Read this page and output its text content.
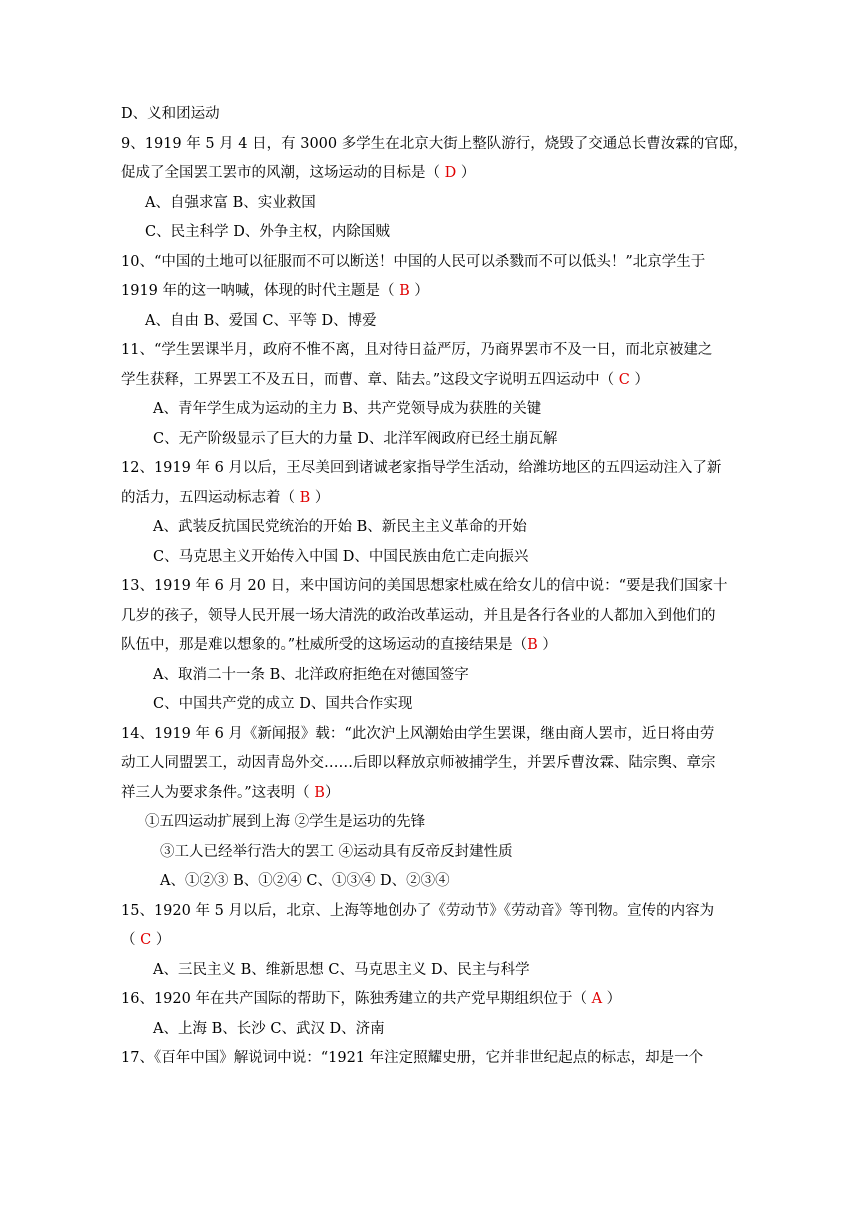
D、义和团运动
9、1919 年 5 月 4 日，有 3000 多学生在北京大街上整队游行，烧毁了交通总长曹汝霖的官邸，
促成了全国罢工罢市的风潮，这场运动的目标是（ D ）
A、自强求富 B、实业救国
C、民主科学 D、外争主权，内除国贼
10、“中国的土地可以征服而不可以断送！中国的人民可以杀戮而不可以低头！”北京学生于
1919 年的这一呐喊，体现的时代主题是（ B ）
A、自由 B、爱国 C、平等 D、博爱
11、“学生罢课半月，政府不惟不离，且对待日益严厉，乃商界罢市不及一日，而北京被建之
学生获释，工界罢工不及五日，而曹、章、陆去。”这段文字说明五四运动中（ C ）
A、青年学生成为运动的主力 B、共产党领导成为获胜的关键
C、无产阶级显示了巨大的力量 D、北洋军阀政府已经土崩瓦解
12、1919 年 6 月以后，王尽美回到诸诚老家指导学生活动，给潍坊地区的五四运动注入了新
的活力，五四运动标志着（ B ）
A、武装反抗国民党统治的开始 B、新民主主义革命的开始
C、马克思主义开始传入中国 D、中国民族由危亡走向振兴
13、1919 年 6 月 20 日，来中国访问的美国思想家杜威在给女儿的信中说：“要是我们国家十
几岁的孩子，领导人民开展一场大清洗的政治改革运动，并且是各行各业的人都加入到他们的
队伍中，那是难以想象的。”杜威所受的这场运动的直接结果是（B ）
A、取消二十一条 B、北洋政府拒绝在对德国签字
C、中国共产党的成立 D、国共合作实现
14、1919 年 6 月《新闻报》载：“此次沪上风潮始由学生罢课，继由商人罢市，近日将由劳
动工人同盟罢工，动因青岛外交……后即以释放京师被捕学生，并罢斥曹汝霖、陆宗舆、章宗
祥三人为要求条件。”这表明（ B）
①五四运动扩展到上海 ②学生是运功的先锋
③工人已经举行浩大的罢工 ④运动具有反帝反封建性质
A、①②③ B、①②④ C、①③④ D、②③④
15、1920 年 5 月以后，北京、上海等地创办了《劳动节》《劳动音》等刊物。宣传的内容为
（ C ）
A、三民主义 B、维新思想 C、马克思主义 D、民主与科学
16、1920 年在共产国际的帮助下，陈独秀建立的共产党早期组织位于（ A ）
A、上海 B、长沙 C、武汉 D、济南
17、《百年中国》解说词中说：“1921 年注定照耀史册，它并非世纪起点的标志，却是一个
